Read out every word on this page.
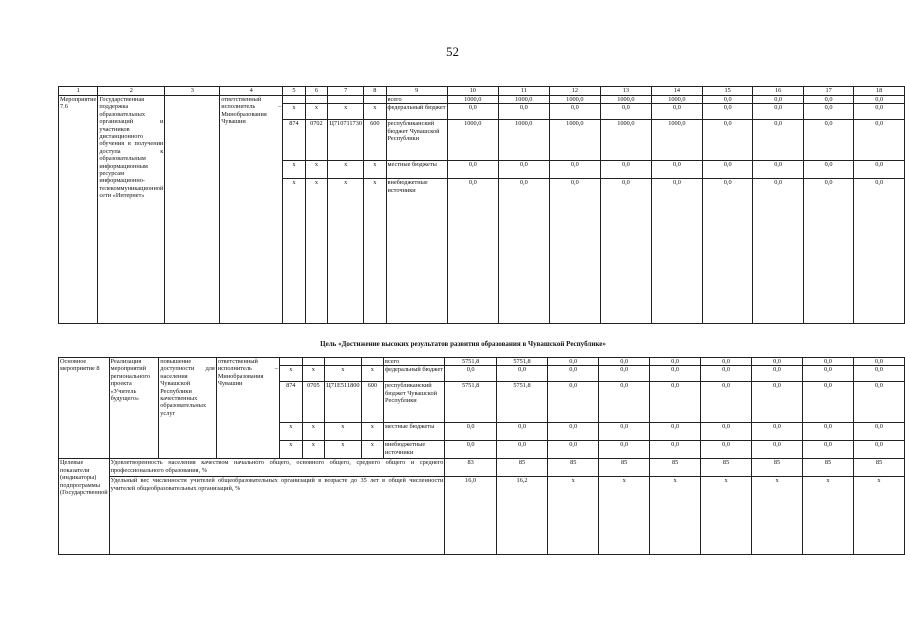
52
1	2	3	4	5	6	7	8	9	10	11	12	13	14	15	16	17	18
Мероприятие 7.6	Государственная поддержка образовательных организаций и участников дистанционного обучения в получении доступа к образовательным информационным ресурсам информационно-телекоммуникационной сети «Интернет»		ответственный исполнитель – Минобразования Чувашии					всего	1000,0	1000,0	1000,0	1000,0	1000,0	0,0	0,0	0,0	0,0
				x	x	x	x	федеральный бюджет	0,0	0,0	0,0	0,0	0,0	0,0	0,0	0,0	0,0
				874	0702	Ц710711730	600	республиканский бюджет Чувашской Республики	1000,0	1000,0	1000,0	1000,0	1000,0	0,0	0,0	0,0	0,0
				x	x	x	x	местные бюджеты	0,0	0,0	0,0	0,0	0,0	0,0	0,0	0,0	0,0
				x	x	x	x	внебюджетные источники	0,0	0,0	0,0	0,0	0,0	0,0	0,0	0,0	0,0
Цель «Достижение высоких результатов развития образования в Чувашской Республике»
Основное мероприятие 8	Реализация мероприятий регионального проекта «Учитель будущего»	повышение доступности для населения Чувашской Республики качественных образовательных услуг	ответственный исполнитель – Минобразования Чувашии					всего	5751,8	5751,8	0,0	0,0	0,0	0,0	0,0	0,0	0,0
				x	x	x	x	федеральный бюджет	0,0	0,0	0,0	0,0	0,0	0,0	0,0	0,0	0,0
				874	0705	Ц71Е511800	600	республиканский бюджет Чувашской Республики	5751,8	5751,8	0,0	0,0	0,0	0,0	0,0	0,0	0,0
				x	x	x	x	местные бюджеты	0,0	0,0	0,0	0,0	0,0	0,0	0,0	0,0	0,0
				x	x	x	x	внебюджетные источники	0,0	0,0	0,0	0,0	0,0	0,0	0,0	0,0	0,0
Целевые показатели (индикаторы) подпрограммы (Государственной	Удовлетворенность населения качеством начального общего, основного общего, среднего общего и среднего профессионального образования, %								83	85	85	85	85	85	85	85	85
	Удельный вес численности учителей общеобразовательных организаций в возрасте до 35 лет в общей численности учителей общеобразовательных организаций, %								16,0	16,2	x	x	x	x	x	x	x
